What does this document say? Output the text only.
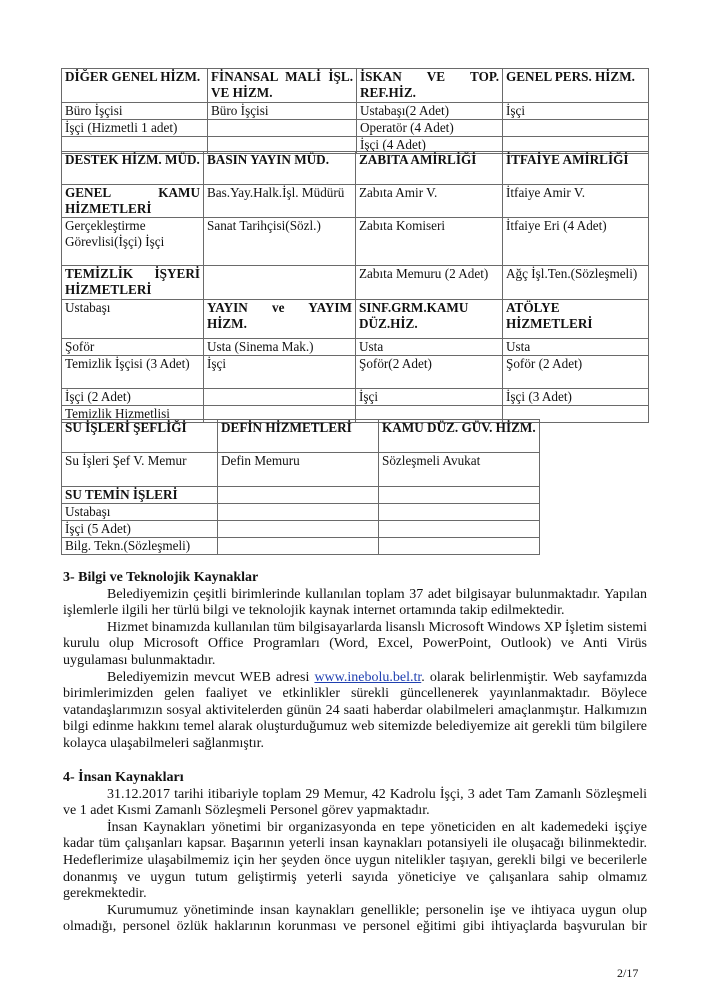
DİĞER GENEL HİZM.	FİNANSAL MALİ İŞL. VE HİZM.	İSKAN VE TOP. REF.HİZ.	GENEL PERS. HİZM.
Büro İşçisi	Büro İşçisi	Ustabaşı(2 Adet)	İşçi
İşçi (Hizmetli 1 adet)		Operatör (4 Adet)	
		İşçi (4 Adet)	
DESTEK HİZM. MÜD.	BASIN YAYIN MÜD.	ZABITA AMİRLİĞİ	İTFAİYE AMİRLİĞİ
GENEL KAMU HİZMETLERİ	Bas.Yay.Halk.İşl. Müdürü	Zabıta Amir V.	İtfaiye Amir V.
Gerçekleştirme Görevlisi(İşçi) İşçi	Sanat Tarihçisi(Sözl.)	Zabıta Komiseri	İtfaiye Eri (4 Adet)
TEMİZLİK İŞYERİ HİZMETLERİ		Zabıta Memuru (2 Adet)	Ağç İşl.Ten.(Sözleşmeli)
Ustabaşı	YAYIN ve YAYIM HİZM.	SINF.GRM.KAMU DÜZ.HİZ.	ATÖLYE HİZMETLERİ
Şoför	Usta (Sinema Mak.)	Usta	Usta
Temizlik İşçisi (3 Adet)	İşçi	Şoför(2 Adet)	Şoför (2 Adet)
İşçi (2 Adet)		İşçi	İşçi (3 Adet)
Temizlik Hizmetlisi			
SU İŞLERİ ŞEFLİĞİ	DEFİN HİZMETLERİ	KAMU DÜZ. GÜV. HİZM.
Su İşleri Şef V. Memur	Defin Memuru	Sözleşmeli Avukat
SU TEMİN İŞLERİ		
Ustabaşı		
İşçi (5 Adet)		
Bilg. Tekn.(Sözleşmeli)		
3- Bilgi ve Teknolojik Kaynaklar

Belediyemizin çeşitli birimlerinde kullanılan toplam 37 adet bilgisayar bulunmaktadır. Yapılan işlemlerle ilgili her türlü bilgi ve teknolojik kaynak internet ortamında takip edilmektedir.

Hizmet binamızda kullanılan tüm bilgisayarlarda lisanslı Microsoft Windows XP İşletim sistemi kurulu olup Microsoft Office Programları (Word, Excel, PowerPoint, Outlook) ve Anti Virüs uygulaması bulunmaktadır.

Belediyemizin mevcut WEB adresi www.inebolu.bel.tr. olarak belirlenmiştir. Web sayfamızda birimlerimizden gelen faaliyet ve etkinlikler sürekli güncellenerek yayınlanmaktadır. Böylece vatandaşlarımızın sosyal aktivitelerden günün 24 saati haberdar olabilmeleri amaçlanmıştır. Halkımızın bilgi edinme hakkını temel alarak oluşturduğumuz web sitemizde belediyemize ait gerekli tüm bilgilere kolayca ulaşabilmeleri sağlanmıştır.

4- İnsan Kaynakları

31.12.2017 tarihi itibariyle toplam 29 Memur, 42 Kadrolu İşçi, 3 adet Tam Zamanlı Sözleşmeli ve 1 adet Kısmi Zamanlı Sözleşmeli Personel görev yapmaktadır.

İnsan Kaynakları yönetimi bir organizasyonda en tepe yöneticiden en alt kademedeki işçiye kadar tüm çalışanları kapsar. Başarının yeterli insan kaynakları potansiyeli ile oluşacağı bilinmektedir. Hedeflerimize ulaşabilmemiz için her şeyden önce uygun nitelikler taşıyan, gerekli bilgi ve becerilerle donanmış ve uygun tutum geliştirmiş yeterli sayıda yöneticiye ve çalışanlara sahip olmamız gerekmektedir.

Kurumumuz yönetiminde insan kaynakları genellikle; personelin işe ve ihtiyaca uygun olup olmadığı, personel özlük haklarının korunması ve personel eğitimi gibi ihtiyaçlarda başvurulan bir

2/17
